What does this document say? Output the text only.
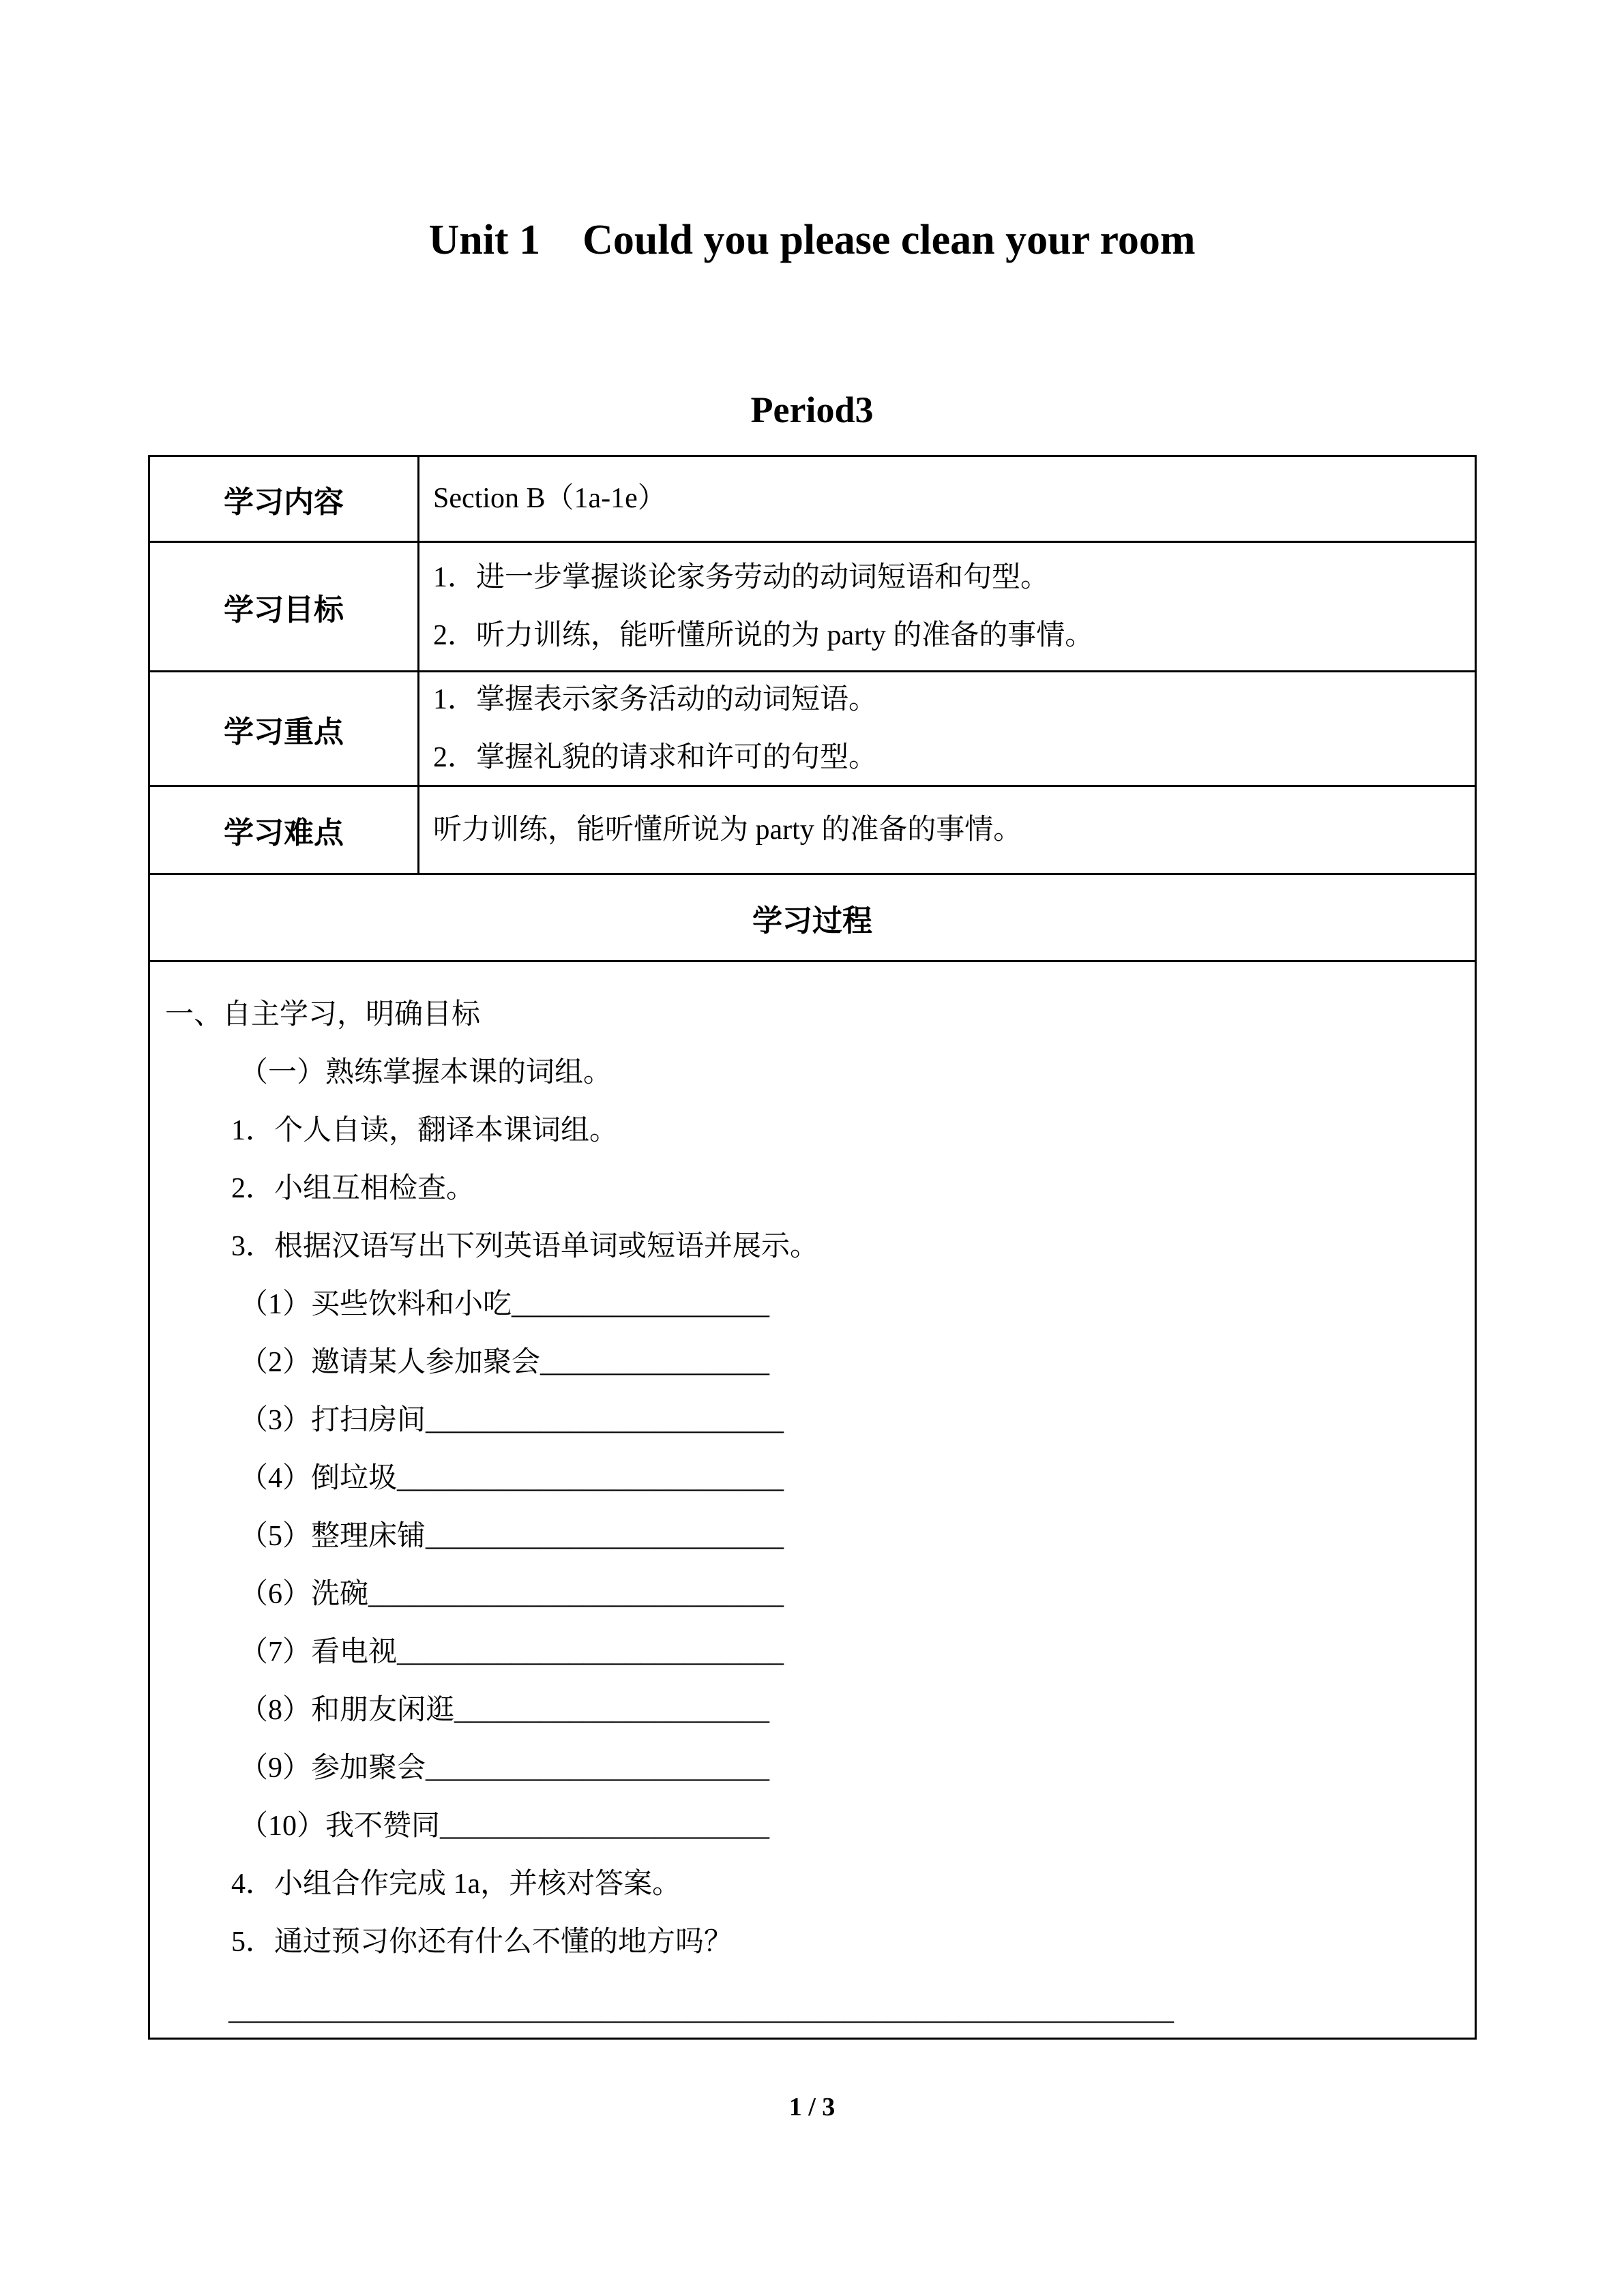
Unit 1    Could you please clean your room
Period3
学习内容	Section B（1a-1e）
学习目标
1．进一步掌握谈论家务劳动的动词短语和句型。
2．听力训练，能听懂所说的为 party 的准备的事情。
学习重点
1．掌握表示家务活动的动词短语。
2．掌握礼貌的请求和许可的句型。
学习难点	听力训练，能听懂所说为 party 的准备的事情。
学习过程
一、自主学习，明确目标
（一）熟练掌握本课的词组。
1．个人自读，翻译本课词组。
2．小组互相检查。
3．根据汉语写出下列英语单词或短语并展示。
（1）买些饮料和小吃__________________
（2）邀请某人参加聚会________________
（3）打扫房间_________________________
（4）倒垃圾___________________________
（5）整理床铺_________________________
（6）洗碗_____________________________
（7）看电视___________________________
（8）和朋友闲逛______________________
（9）参加聚会________________________
（10）我不赞同_______________________
4．小组合作完成 1a，并核对答案。
5．通过预习你还有什么不懂的地方吗？
__________________________________________________________________
1 / 3
